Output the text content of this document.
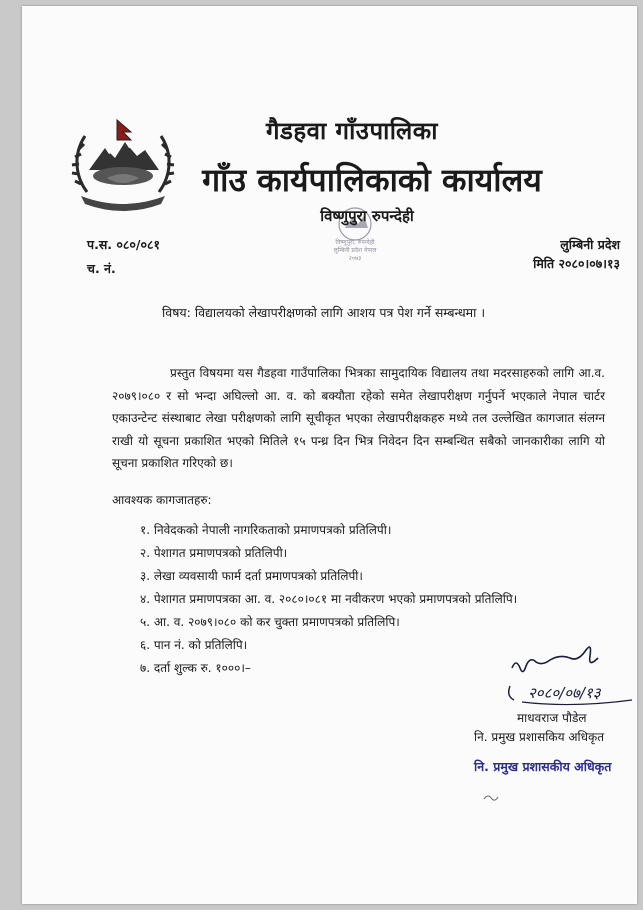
•••
गैडहवा गाँउपालिका
गाँउ कार्यपालिकाको कार्यालय
विष्णुपुरा, रुपन्देही
लुम्बिनी प्रदेश नेपाल
२०७३
विष्णुपुरा रुपन्देही
प.स. ०८०/०८१
च. नं.
लुम्बिनी प्रदेश
मिति २०८०।०७।१३
विषय: विद्यालयको लेखापरीक्षणको लागि आशय पत्र पेश गर्ने सम्बन्धमा ।
प्रस्तुत विषयमा यस गैडहवा गाउँपालिका भित्रका सामुदायिक विद्यालय तथा मदरसाहरुको लागि आ.व. २०७९।०८० र सो भन्दा अघिल्लो आ. व. को बक्यौता रहेको समेत लेखापरीक्षण गर्नुपर्ने भएकाले नेपाल चार्टर एकाउन्टेन्ट संस्थाबाट लेखा परीक्षणको लागि सूचीकृत भएका लेखापरीक्षकहरु मध्ये तल उल्लेखित कागजात संलग्न राखी यो सूचना प्रकाशित भएको मितिले १५ पन्ध्र दिन भित्र निवेदन दिन सम्बन्धित सबैको जानकारीका लागि यो सूचना प्रकाशित गरिएको छ।
आवश्यक कागजातहरु:
१. निवेदकको नेपाली नागरिकताको प्रमाणपत्रको प्रतिलिपी।
२. पेशागत प्रमाणपत्रको प्रतिलिपी।
३. लेखा व्यवसायी फार्म दर्ता प्रमाणपत्रको प्रतिलिपी।
४. पेशागत प्रमाणपत्रका आ. व. २०८०।०८१ मा नवीकरण भएको प्रमाणपत्रको प्रतिलिपि।
५. आ. व. २०७९।०८० को कर चुक्ता प्रमाणपत्रको प्रतिलिपि।
६. पान नं. को प्रतिलिपि।
७. दर्ता शुल्क रु. १०००।–
२०८०/०७/१३
माधवराज पौडेल
नि. प्रमुख प्रशासकिय अधिकृत
नि. प्रमुख प्रशासकीय अधिकृत
